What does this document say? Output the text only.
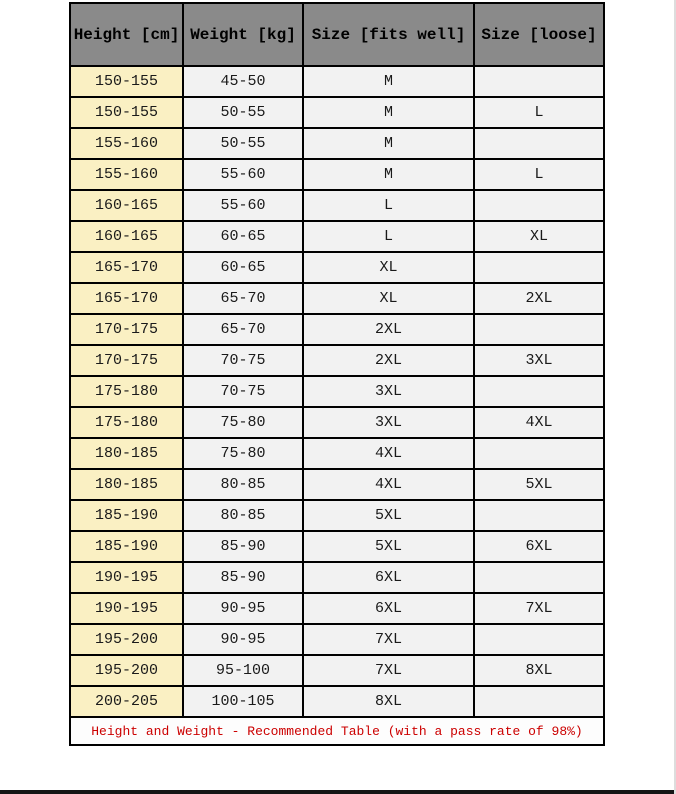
Height [cm]	Weight [kg]	Size [fits well]	Size [loose]
150-155	45-50	M	
150-155	50-55	M	L
155-160	50-55	M	
155-160	55-60	M	L
160-165	55-60	L	
160-165	60-65	L	XL
165-170	60-65	XL	
165-170	65-70	XL	2XL
170-175	65-70	2XL	
170-175	70-75	2XL	3XL
175-180	70-75	3XL	
175-180	75-80	3XL	4XL
180-185	75-80	4XL	
180-185	80-85	4XL	5XL
185-190	80-85	5XL	
185-190	85-90	5XL	6XL
190-195	85-90	6XL	
190-195	90-95	6XL	7XL
195-200	90-95	7XL	
195-200	95-100	7XL	8XL
200-205	100-105	8XL	
Height and Weight - Recommended Table (with a pass rate of 98%)			
